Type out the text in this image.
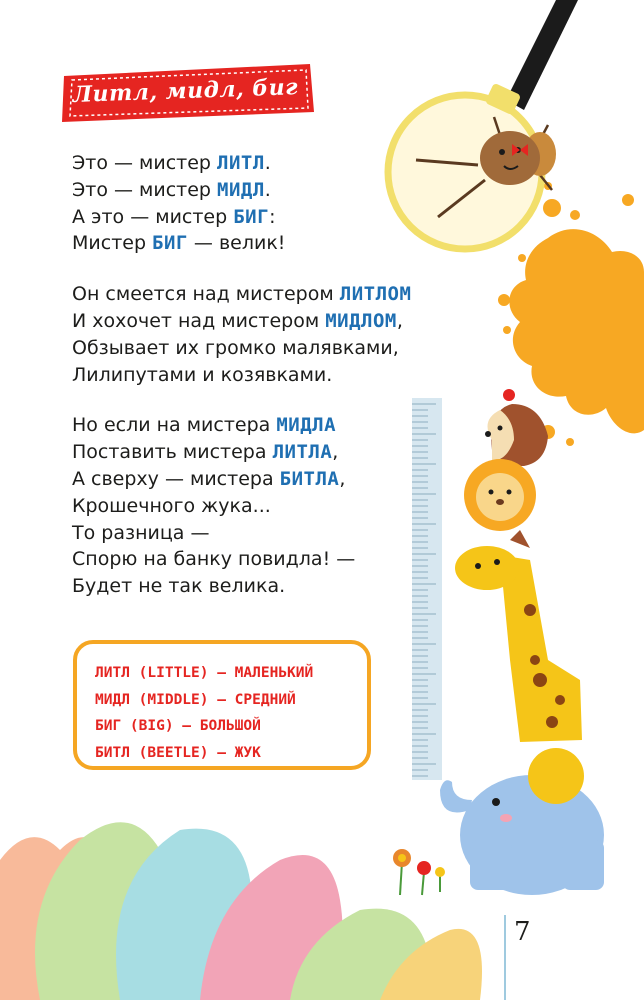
Литл, мидл, биг и битл
Это — мистер ЛИТЛ.
Это — мистер МИДЛ.
А это — мистер БИГ:
Мистер БИГ — велик!
Он смеется над мистером ЛИТЛОМ
И хохочет над мистером МИДЛОМ,
Обзывает их громко малявками,
Лилипутами и козявками.
Но если на мистера МИДЛА
Поставить мистера ЛИТЛА,
А сверху — мистера БИТЛА,
Крошечного жука...
То разница —
Спорю на банку повидла! —
Будет не так велика.
ЛИТЛ (LITTLE) — МАЛЕНЬКИЙ
МИДЛ (MIDDLE) — СРЕДНИЙ
БИГ (BIG) — БОЛЬШОЙ
БИТЛ (BEETLE) — ЖУК
7
